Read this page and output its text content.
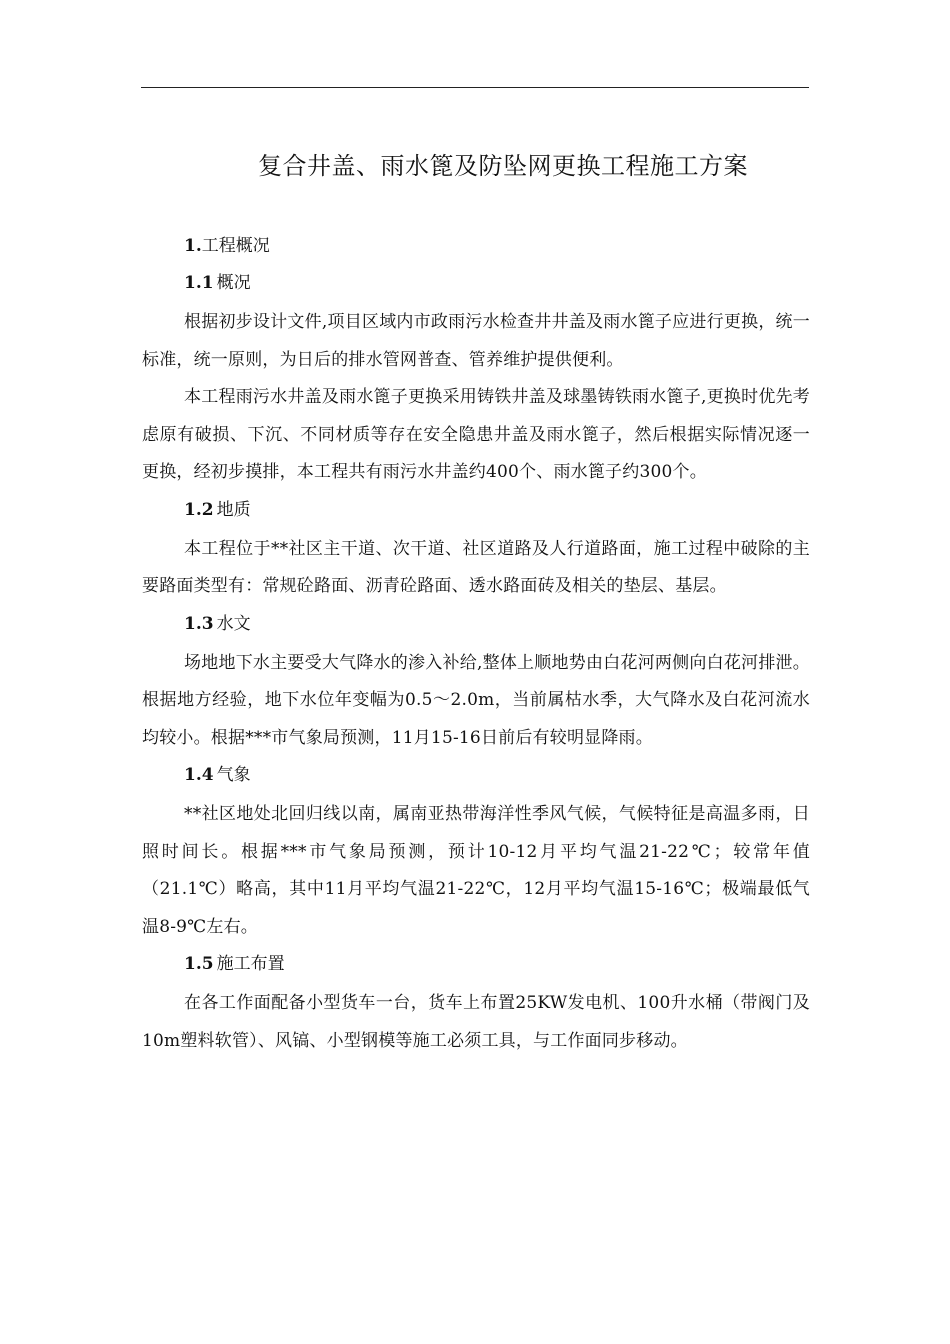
复合井盖、雨水篦及防坠网更换工程施工方案

1.工程概况

1.1 概况

根据初步设计文件,项目区域内市政雨污水检查井井盖及雨水篦子应进行更换，统一标准，统一原则，为日后的排水管网普查、管养维护提供便利。

本工程雨污水井盖及雨水篦子更换采用铸铁井盖及球墨铸铁雨水篦子,更换时优先考虑原有破损、下沉、不同材质等存在安全隐患井盖及雨水篦子，然后根据实际情况逐一更换，经初步摸排，本工程共有雨污水井盖约400个、雨水篦子约300个。

1.2 地质

本工程位于**社区主干道、次干道、社区道路及人行道路面，施工过程中破除的主要路面类型有：常规砼路面、沥青砼路面、透水路面砖及相关的垫层、基层。

1.3 水文

场地地下水主要受大气降水的渗入补给,整体上顺地势由白花河两侧向白花河排泄。根据地方经验，地下水位年变幅为0.5～2.0m，当前属枯水季，大气降水及白花河流水均较小。根据***市气象局预测，11月15-16日前后有较明显降雨。

1.4 气象

**社区地处北回归线以南，属南亚热带海洋性季风气候，气候特征是高温多雨，日照时间长。根据***市气象局预测，预计10-12月平均气温21-22℃；较常年值（21.1℃）略高，其中11月平均气温21-22℃，12月平均气温15-16℃；极端最低气温8-9℃左右。

1.5 施工布置

在各工作面配备小型货车一台，货车上布置25KW发电机、100升水桶（带阀门及10m塑料软管）、风镐、小型钢模等施工必须工具，与工作面同步移动。
